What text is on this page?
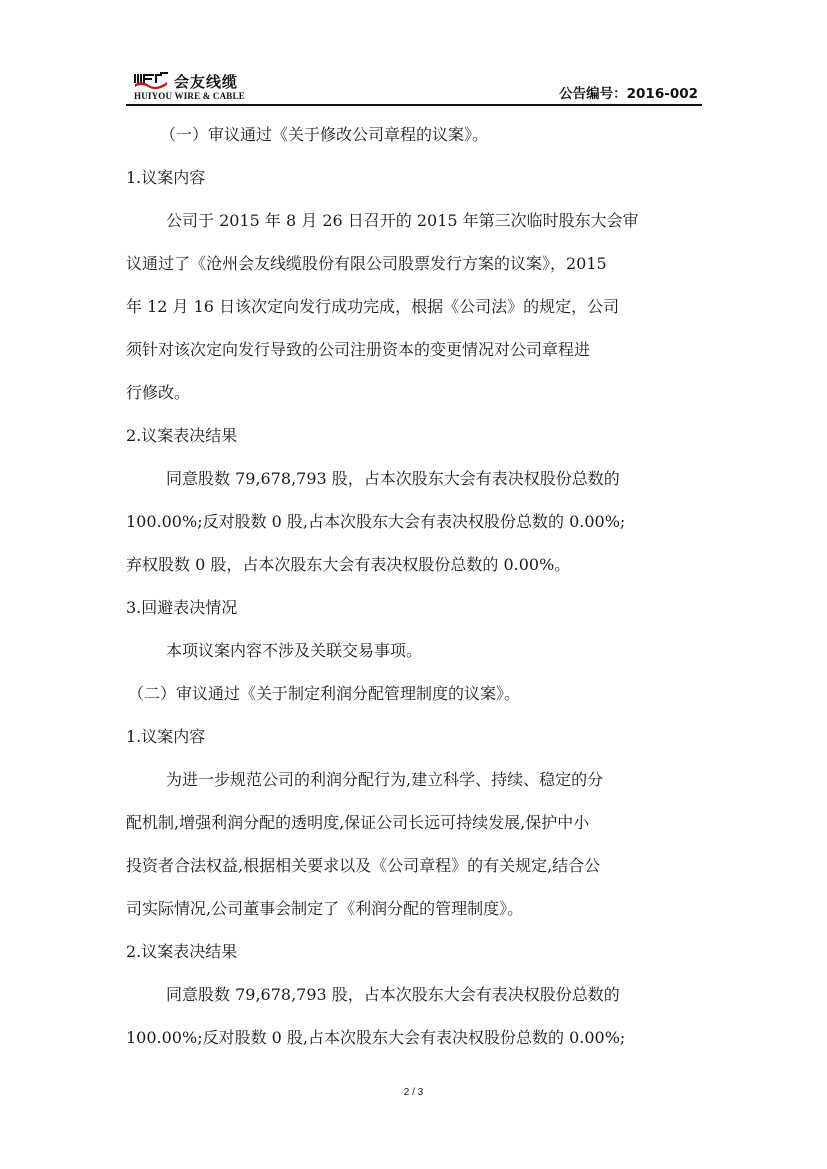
会友线缆
HUIYOU WIRE & CABLE	公告编号：2016-002
（一）审议通过《关于修改公司章程的议案》。
1.议案内容
公司于 2015 年 8 月 26 日召开的 2015 年第三次临时股东大会审
议通过了《沧州会友线缆股份有限公司股票发行方案的议案》，2015
年 12 月 16 日该次定向发行成功完成，根据《公司法》的规定，公司
须针对该次定向发行导致的公司注册资本的变更情况对公司章程进
行修改。
2.议案表决结果
同意股数 79,678,793 股，占本次股东大会有表决权股份总数的
100.00%;反对股数 0 股,占本次股东大会有表决权股份总数的 0.00%;
弃权股数 0 股，占本次股东大会有表决权股份总数的 0.00%。
3.回避表决情况
本项议案内容不涉及关联交易事项。
（二）审议通过《关于制定利润分配管理制度的议案》。
1.议案内容
为进一步规范公司的利润分配行为,建立科学、持续、稳定的分
配机制,增强利润分配的透明度,保证公司长远可持续发展,保护中小
投资者合法权益,根据相关要求以及《公司章程》的有关规定,结合公
司实际情况,公司董事会制定了《利润分配的管理制度》。
2.议案表决结果
同意股数 79,678,793 股，占本次股东大会有表决权股份总数的
100.00%;反对股数 0 股,占本次股东大会有表决权股份总数的 0.00%;
2 / 3
